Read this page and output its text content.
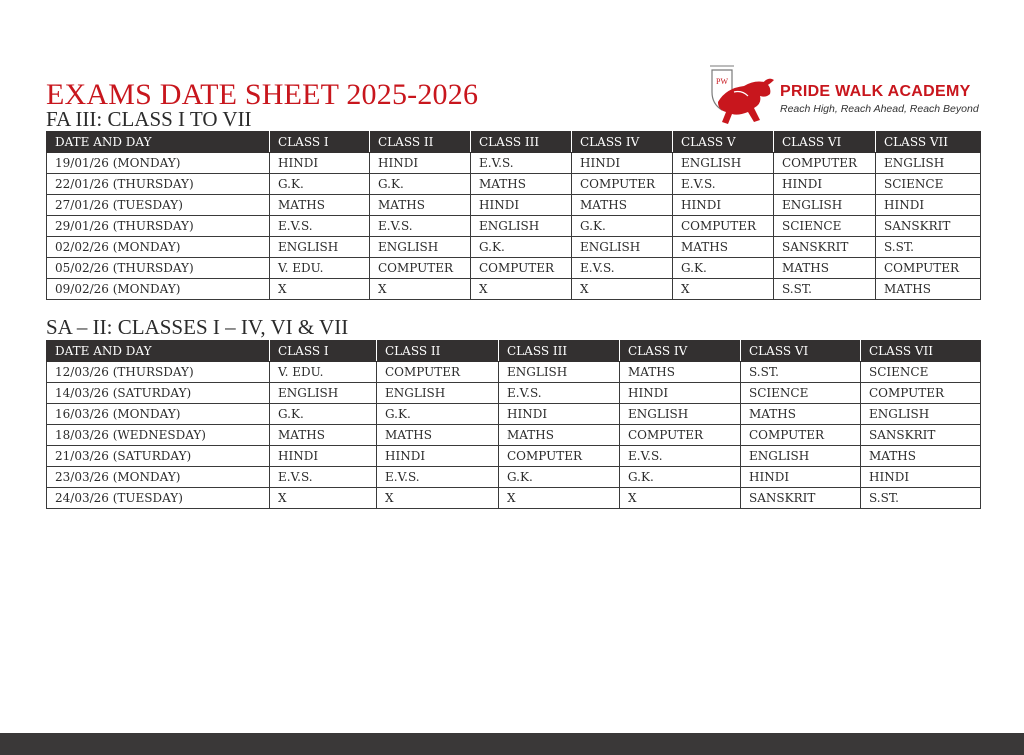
EXAMS DATE SHEET 2025-2026	PW
PRIDE WALK ACADEMY
Reach High, Reach Ahead, Reach Beyond
FA III: CLASS I TO VII
DATE AND DAY	CLASS I	CLASS II	CLASS III	CLASS IV	CLASS V	CLASS VI	CLASS VII
19/01/26 (MONDAY)	HINDI	HINDI	E.V.S.	HINDI	ENGLISH	COMPUTER	ENGLISH
22/01/26 (THURSDAY)	G.K.	G.K.	MATHS	COMPUTER	E.V.S.	HINDI	SCIENCE
27/01/26 (TUESDAY)	MATHS	MATHS	HINDI	MATHS	HINDI	ENGLISH	HINDI
29/01/26 (THURSDAY)	E.V.S.	E.V.S.	ENGLISH	G.K.	COMPUTER	SCIENCE	SANSKRIT
02/02/26 (MONDAY)	ENGLISH	ENGLISH	G.K.	ENGLISH	MATHS	SANSKRIT	S.ST.
05/02/26 (THURSDAY)	V. EDU.	COMPUTER	COMPUTER	E.V.S.	G.K.	MATHS	COMPUTER
09/02/26 (MONDAY)	X	X	X	X	X	S.ST.	MATHS
SA – II: CLASSES I – IV, VI & VII
DATE AND DAY	CLASS I	CLASS II	CLASS III	CLASS IV	CLASS VI	CLASS VII
12/03/26 (THURSDAY)	V. EDU.	COMPUTER	ENGLISH	MATHS	S.ST.	SCIENCE
14/03/26 (SATURDAY)	ENGLISH	ENGLISH	E.V.S.	HINDI	SCIENCE	COMPUTER
16/03/26 (MONDAY)	G.K.	G.K.	HINDI	ENGLISH	MATHS	ENGLISH
18/03/26 (WEDNESDAY)	MATHS	MATHS	MATHS	COMPUTER	COMPUTER	SANSKRIT
21/03/26 (SATURDAY)	HINDI	HINDI	COMPUTER	E.V.S.	ENGLISH	MATHS
23/03/26 (MONDAY)	E.V.S.	E.V.S.	G.K.	G.K.	HINDI	HINDI
24/03/26 (TUESDAY)	X	X	X	X	SANSKRIT	S.ST.
